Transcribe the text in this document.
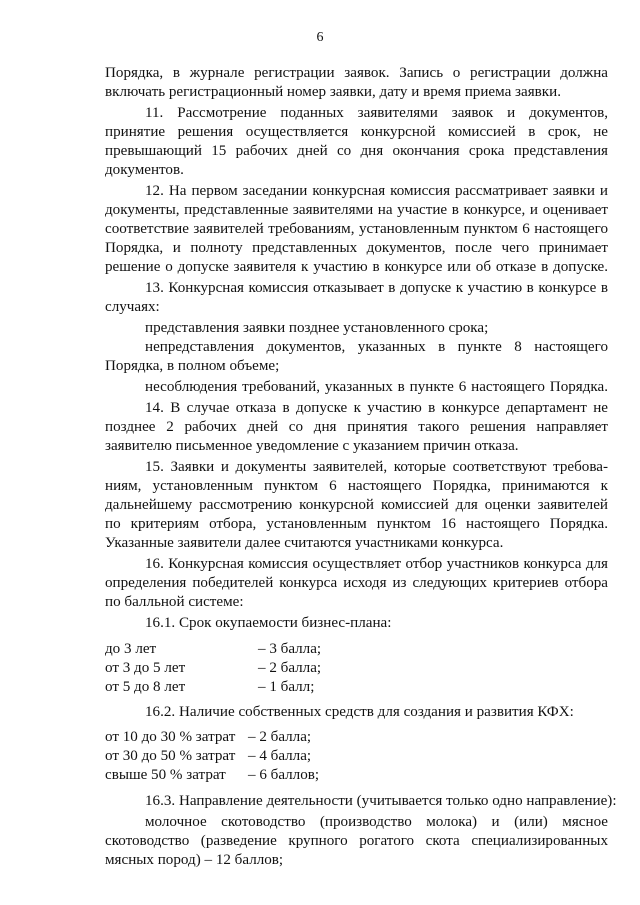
6
Порядка, в журнале регистрации заявок. Запись о регистрации должна
включать регистрационный номер заявки, дату и время приема заявки.
11. Рассмотрение поданных заявителями заявок и документов,
принятие решения осуществляется конкурсной комиссией в срок, не
превышающий 15 рабочих дней со дня окончания срока представления
документов.
12. На первом заседании конкурсная комиссия рассматривает заявки и
документы, представленные заявителями на участие в конкурсе, и оценивает
соответствие заявителей требованиям, установленным пунктом 6 настоящего
Порядка, и полноту представленных документов, после чего принимает
решение о допуске заявителя к участию в конкурсе или об отказе в допуске.
13. Конкурсная комиссия отказывает в допуске к участию в конкурсе в
случаях:
представления заявки позднее установленного срока;
непредставления документов, указанных в пункте 8 настоящего
Порядка, в полном объеме;
несоблюдения требований, указанных в пункте 6 настоящего Порядка.
14. В случае отказа в допуске к участию в конкурсе департамент не
позднее 2 рабочих дней со дня принятия такого решения направляет
заявителю письменное уведомление с указанием причин отказа.
15. Заявки и документы заявителей, которые соответствуют требова-
ниям, установленным пунктом 6 настоящего Порядка, принимаются к
дальнейшему рассмотрению конкурсной комиссией для оценки заявителей
по критериям отбора, установленным пунктом 16 настоящего Порядка.
Указанные заявители далее считаются участниками конкурса.
16. Конкурсная комиссия осуществляет отбор участников конкурса для
определения победителей конкурса исходя из следующих критериев отбора
по балльной системе:
16.1. Срок окупаемости бизнес-плана:
16.2. Наличие собственных средств для создания и развития КФХ:
16.3. Направление деятельности (учитывается только одно направление):
молочное скотоводство (производство молока) и (или) мясное
скотоводство (разведение крупного рогатого скота специализированных
мясных пород) – 12 баллов;
до 3 лет	– 3 балла;
от 3 до 5 лет	– 2 балла;
от 5 до 8 лет	– 1 балл;
от 10 до 30 % затрат – 2 балла;
от 30 до 50 % затрат – 4 балла;
свыше 50 % затрат – 6 баллов;
